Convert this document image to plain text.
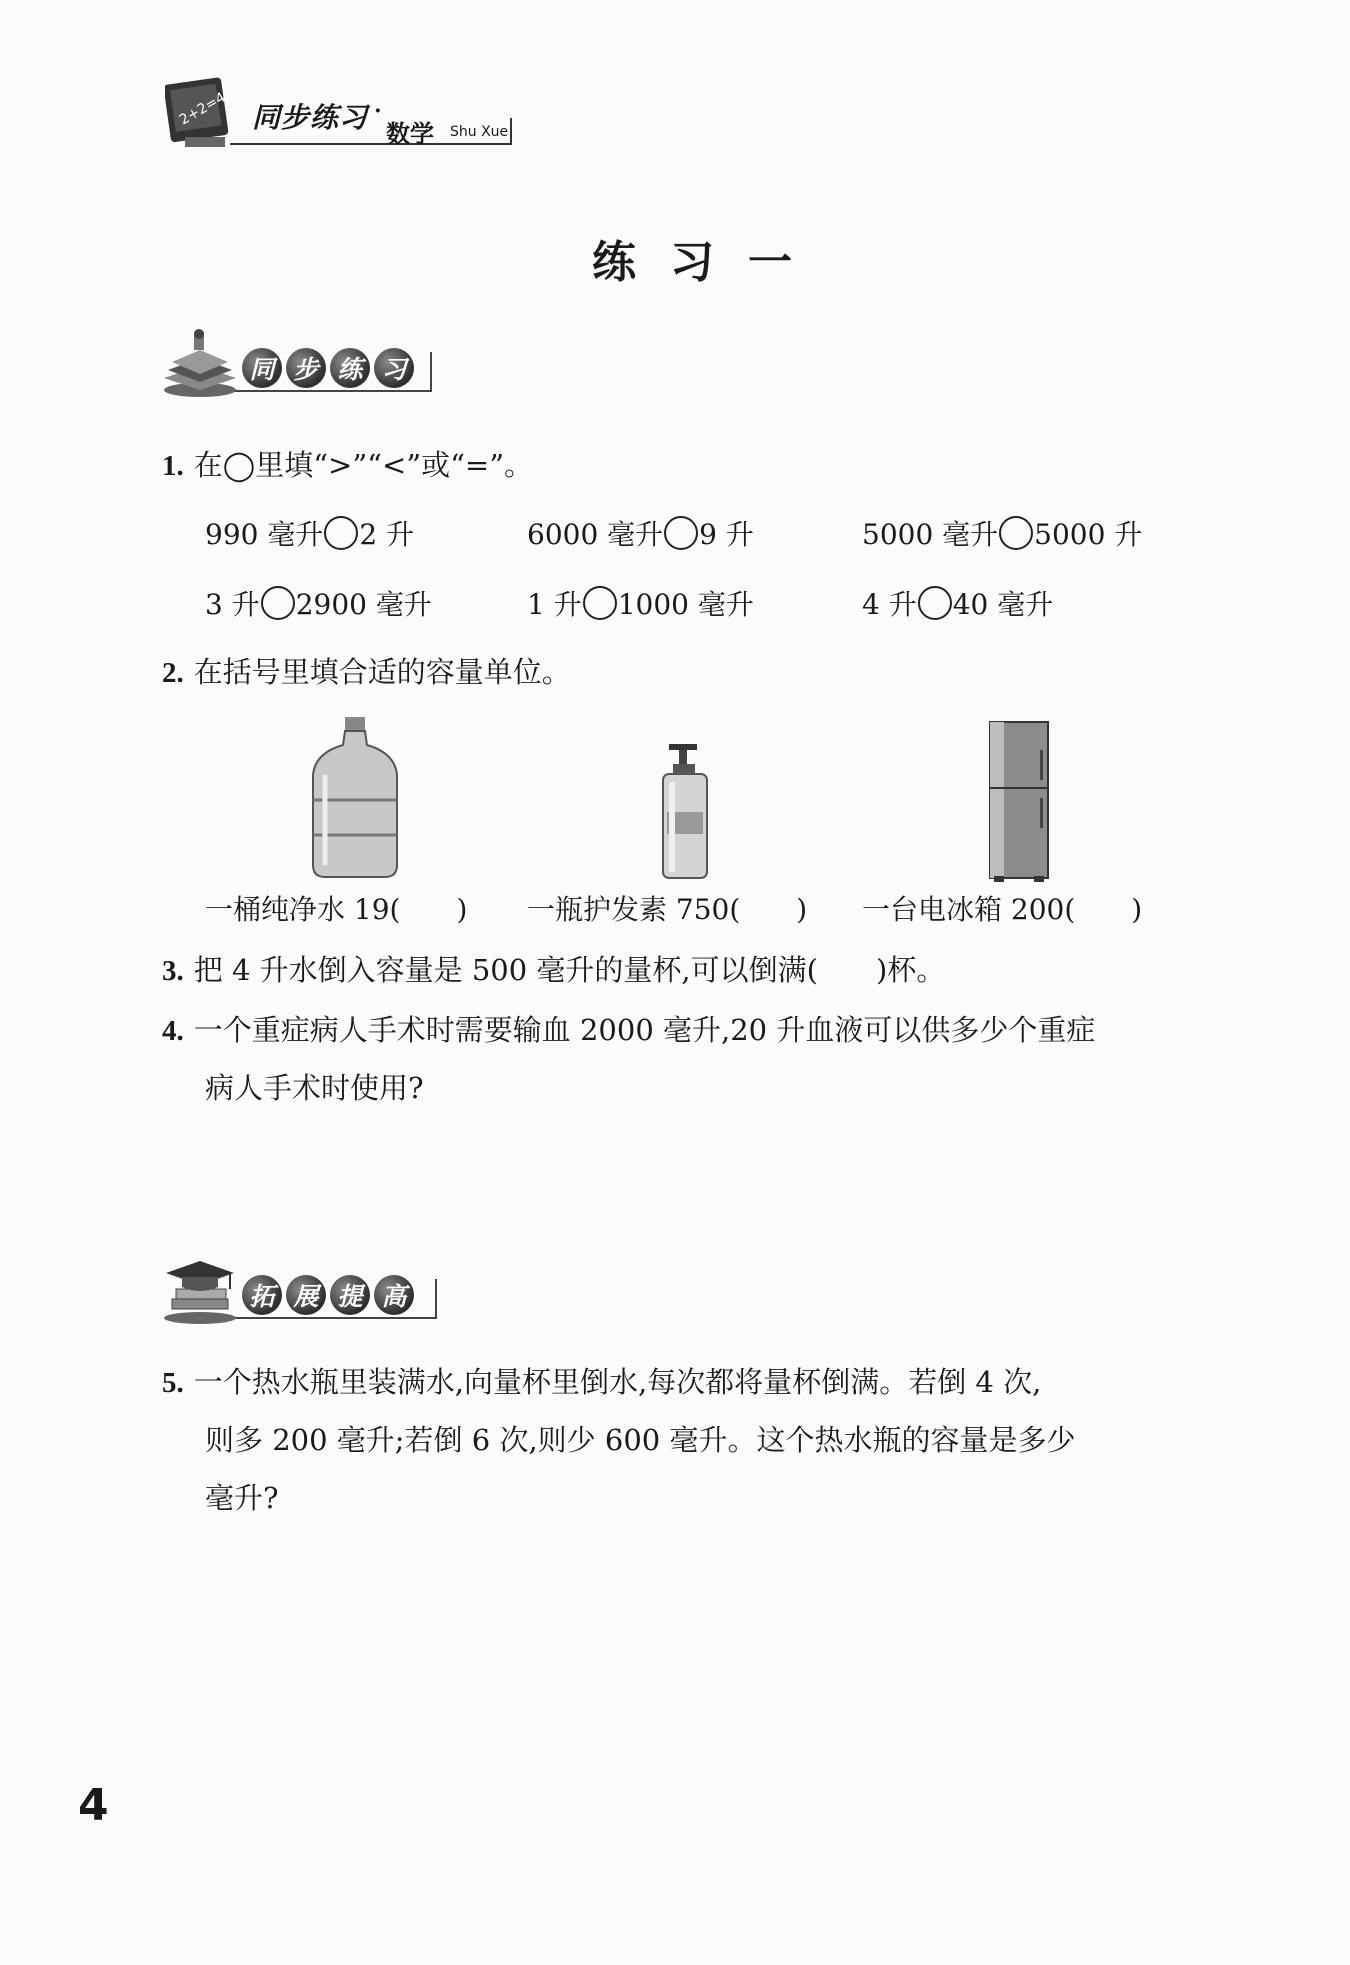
2+2=4 同步练习 ·
数学 Shu Xue
练习一
同 步 练 习
1. 在◯里填“>”“<”或“=”。
990 毫升 2 升	6000 毫升 9 升	5000 毫升 5000 升
3 升 2900 毫升	1 升 1000 毫升	4 升 40 毫升
2. 在括号里填合适的容量单位。
一桶纯净水 19(　　) 一瓶护发素 750(　　) 一台电冰箱 200(　　)
3. 把 4 升水倒入容量是 500 毫升的量杯,可以倒满(　　)杯。
4. 一个重症病人手术时需要输血 2000 毫升,20 升血液可以供多少个重症
病人手术时使用?
拓 展 提 高
5. 一个热水瓶里装满水,向量杯里倒水,每次都将量杯倒满。若倒 4 次,
则多 200 毫升;若倒 6 次,则少 600 毫升。这个热水瓶的容量是多少
毫升?
4
